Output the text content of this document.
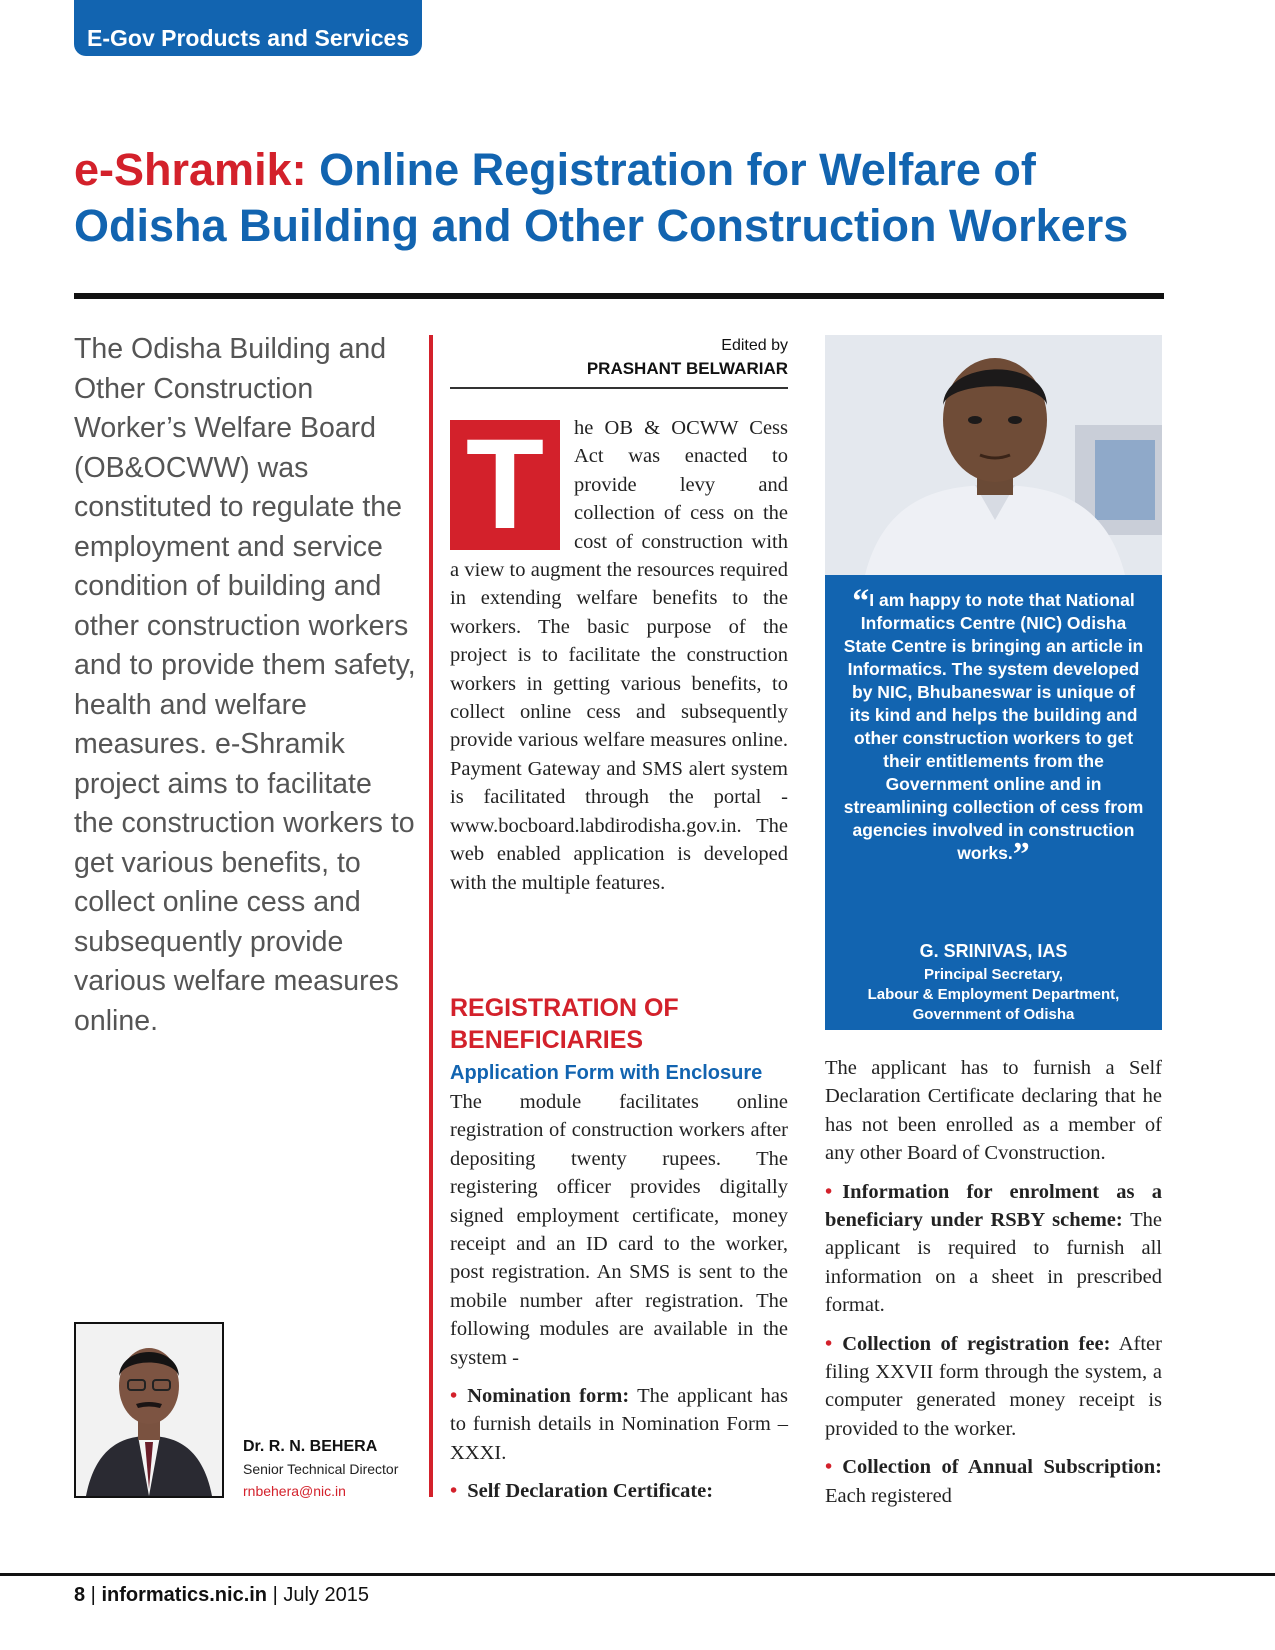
E-Gov Products and Services
e-Shramik: Online Registration for Welfare of
Odisha Building and Other Construction Workers
The Odisha Building and Other Construction Worker’s Welfare Board (OB&OCWW) was constituted to regulate the employment and service condition of building and other construction workers and to provide them safety, health and welfare measures. e-Shramik project aims to facilitate the construction workers to get various benefits, to collect online cess and subsequently provide various welfare measures online.
Edited by
PRASHANT BELWARIAR
T	he OB & OCWW Cess Act was enacted to provide levy and collection of cess on the cost of construction with a view to augment the resources required in extending welfare benefits to the workers. The basic purpose of the project is to facilitate the construction workers in getting various benefits, to collect online cess and subsequently provide various welfare measures online. Payment Gateway and SMS alert system is facilitated through the portal - www.bocboard.labdirodisha.gov.in. The web enabled application is developed with the multiple features.

REGISTRATION OF BENEFICIARIES
Application Form with Enclosure

The module facilitates online registration of construction workers after depositing twenty rupees. The registering officer provides digitally signed employment certificate, money receipt and an ID card to the worker, post registration. An SMS is sent to the mobile number after registration. The following modules are available in the system -

• Nomination form: The applicant has to furnish details in Nomination Form – XXXI.

• Self Declaration Certificate:

“I am happy to note that National Informatics Centre (NIC) Odisha State Centre is bringing an article in Informatics. The system developed by NIC, Bhubaneswar is unique of its kind and helps the building and other construction workers to get their entitlements from the Government online and in streamlining collection of cess from agencies involved in construction works.”
G. SRINIVAS, IAS
Principal Secretary,
Labour & Employment Department,
Government of Odisha

The applicant has to furnish a Self Declaration Certificate declaring that he has not been enrolled as a member of any other Board of Cvonstruction.

• Information for enrolment as a beneficiary under RSBY scheme: The applicant is required to furnish all information on a sheet in prescribed format.

• Collection of registration fee: After filing XXVII form through the system, a computer generated money receipt is provided to the worker.

• Collection of Annual Subscription: Each registered

Dr. R. N. BEHERA
Senior Technical Director
rnbehera@nic.in
8 | informatics.nic.in | July 2015
